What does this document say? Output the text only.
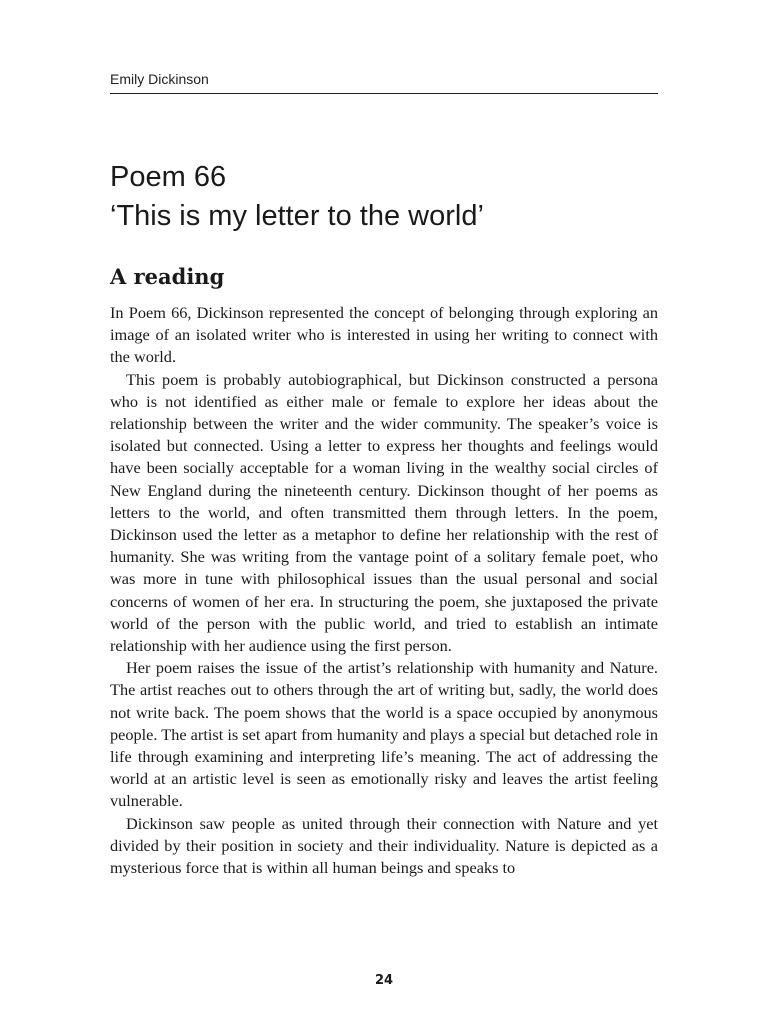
Emily Dickinson
Poem 66
‘This is my letter to the world’
A reading

In Poem 66, Dickinson represented the concept of belonging through exploring an image of an isolated writer who is interested in using her writing to connect with the world.

This poem is probably autobiographical, but Dickinson constructed a persona who is not identified as either male or female to explore her ideas about the relationship between the writer and the wider community. The speaker’s voice is isolated but connected. Using a letter to express her thoughts and feelings would have been socially acceptable for a woman living in the wealthy social circles of New England during the nineteenth century. Dickinson thought of her poems as letters to the world, and often transmitted them through letters. In the poem, Dickinson used the letter as a metaphor to define her relationship with the rest of humanity. She was writing from the vantage point of a solitary female poet, who was more in tune with philosophical issues than the usual personal and social concerns of women of her era. In structuring the poem, she juxtaposed the private world of the person with the public world, and tried to establish an intimate relationship with her audience using the first person.

Her poem raises the issue of the artist’s relationship with humanity and Nature. The artist reaches out to others through the art of writing but, sadly, the world does not write back. The poem shows that the world is a space occupied by anonymous people. The artist is set apart from humanity and plays a special but detached role in life through examining and interpreting life’s meaning. The act of addressing the world at an artistic level is seen as emotionally risky and leaves the artist feeling vulnerable.

Dickinson saw people as united through their connection with Nature and yet divided by their position in society and their individuality. Nature is depicted as a mysterious force that is within all human beings and speaks to

24
